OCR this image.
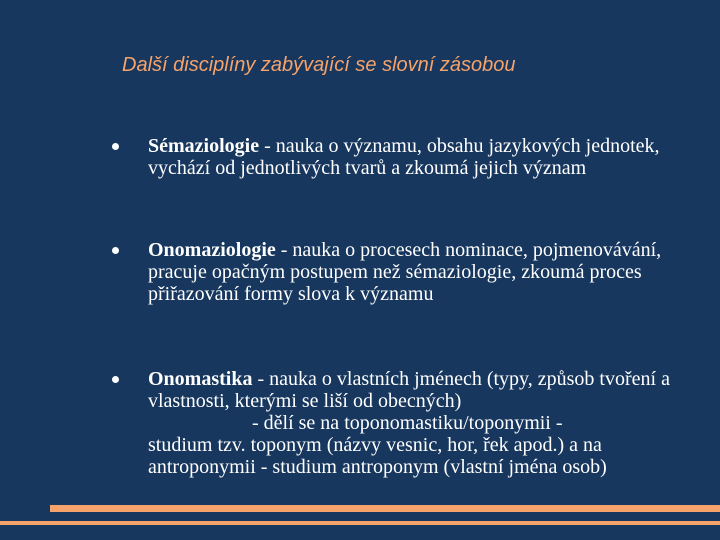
Další disciplíny zabývající se slovní zásobou
Sémaziologie - nauka o významu, obsahu jazykových jednotek, vychází od jednotlivých tvarů a zkoumá jejich význam
Onomaziologie - nauka o procesech nominace, pojmenovávání, pracuje opačným postupem než sémaziologie, zkoumá proces přiřazování formy slova k významu
Onomastika - nauka o vlastních jménech (typy, způsob tvoření a vlastnosti, kterými se liší od obecných)
- dělí se na toponomastiku/toponymii -
studium tzv. toponym (názvy vesnic, hor, řek apod.) a na antroponymii - studium antroponym (vlastní jména osob)
